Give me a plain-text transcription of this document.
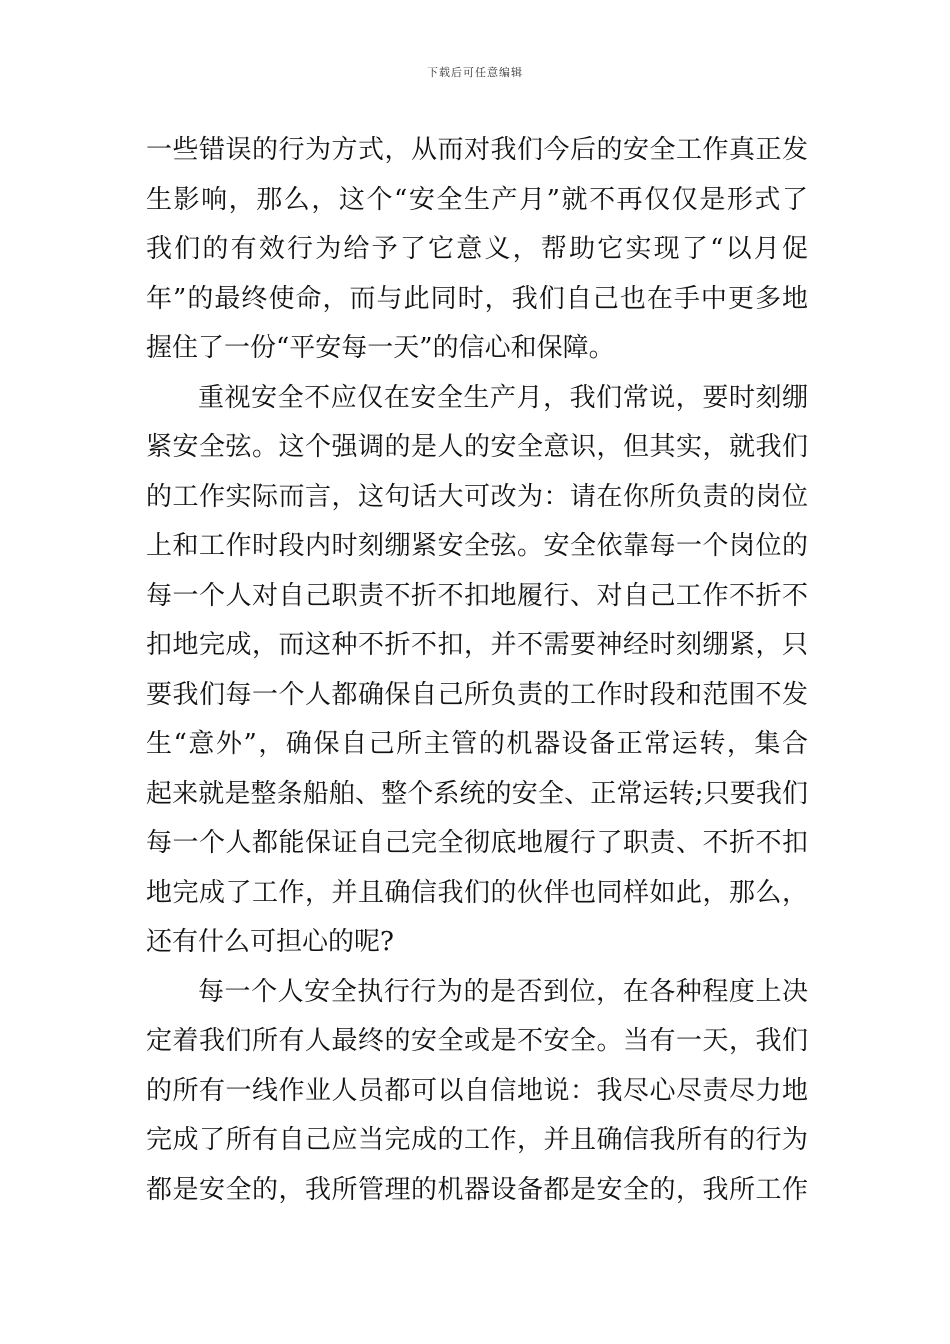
下载后可任意编辑
一些错误的行为方式，从而对我们今后的安全工作真正发
生影响，那么，这个“安全生产月”就不再仅仅是形式了
我们的有效行为给予了它意义，帮助它实现了“以月促
年”的最终使命，而与此同时，我们自己也在手中更多地
握住了一份“平安每一天”的信心和保障。
重视安全不应仅在安全生产月，我们常说，要时刻绷
紧安全弦。这个强调的是人的安全意识，但其实，就我们
的工作实际而言，这句话大可改为：请在你所负责的岗位
上和工作时段内时刻绷紧安全弦。安全依靠每一个岗位的
每一个人对自己职责不折不扣地履行、对自己工作不折不
扣地完成，而这种不折不扣，并不需要神经时刻绷紧，只
要我们每一个人都确保自己所负责的工作时段和范围不发
生“意外”，确保自己所主管的机器设备正常运转，集合
起来就是整条船舶、整个系统的安全、正常运转;只要我们
每一个人都能保证自己完全彻底地履行了职责、不折不扣
地完成了工作，并且确信我们的伙伴也同样如此，那么，
还有什么可担心的呢?
每一个人安全执行行为的是否到位，在各种程度上决
定着我们所有人最终的安全或是不安全。当有一天，我们
的所有一线作业人员都可以自信地说：我尽心尽责尽力地
完成了所有自己应当完成的工作，并且确信我所有的行为
都是安全的，我所管理的机器设备都是安全的，我所工作
